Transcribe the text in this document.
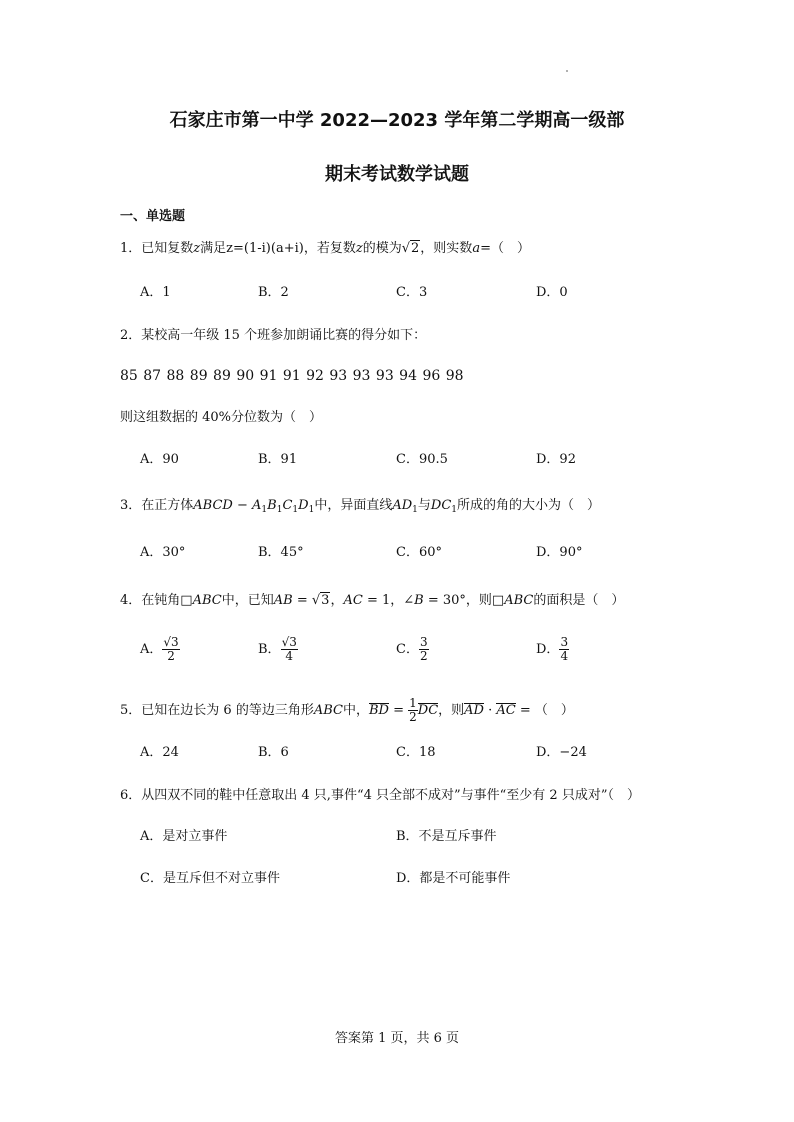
石家庄市第一中学 2022—2023 学年第二学期高一级部
期末考试数学试题
一、单选题
1．已知复数z满足z=(1-i)(a+i)，若复数z的模为√2，则实数a=（　）
A．1	B．2	C．3	D．0
2．某校高一年级 15 个班参加朗诵比赛的得分如下：
85 87 88 89 89 90 91 91 92 93 93 93 94 96 98
则这组数据的 40%分位数为（　）
A．90	B．91	C．90.5	D．92
3．在正方体ABCD − $A_1B_1C_1D_1$中，异面直线$AD_1$与$DC_1$所成的角的大小为（　）
A．30°	B．45°	C．60°	D．90°
4．在钝角□ABC中，已知AB = √3，AC = 1，∠B = 30°，则□ABC的面积是（　）
A． $\frac{√3}{2}$	B． $\frac{√3}{4}$	C． $\frac{3}{2}$	D． $\frac{3}{4}$
5．已知在边长为 6 的等边三角形ABC中，BD = $\frac{1}{2}$ DC，则AD · AC = （　）
A．24	B．6	C．18	D．−24
6．从四双不同的鞋中任意取出 4 只,事件“4 只全部不成对”与事件“至少有 2 只成对”（　）
A．是对立事件	B．不是互斥事件
C．是互斥但不对立事件	D．都是不可能事件
答案第 1 页，共 6 页
